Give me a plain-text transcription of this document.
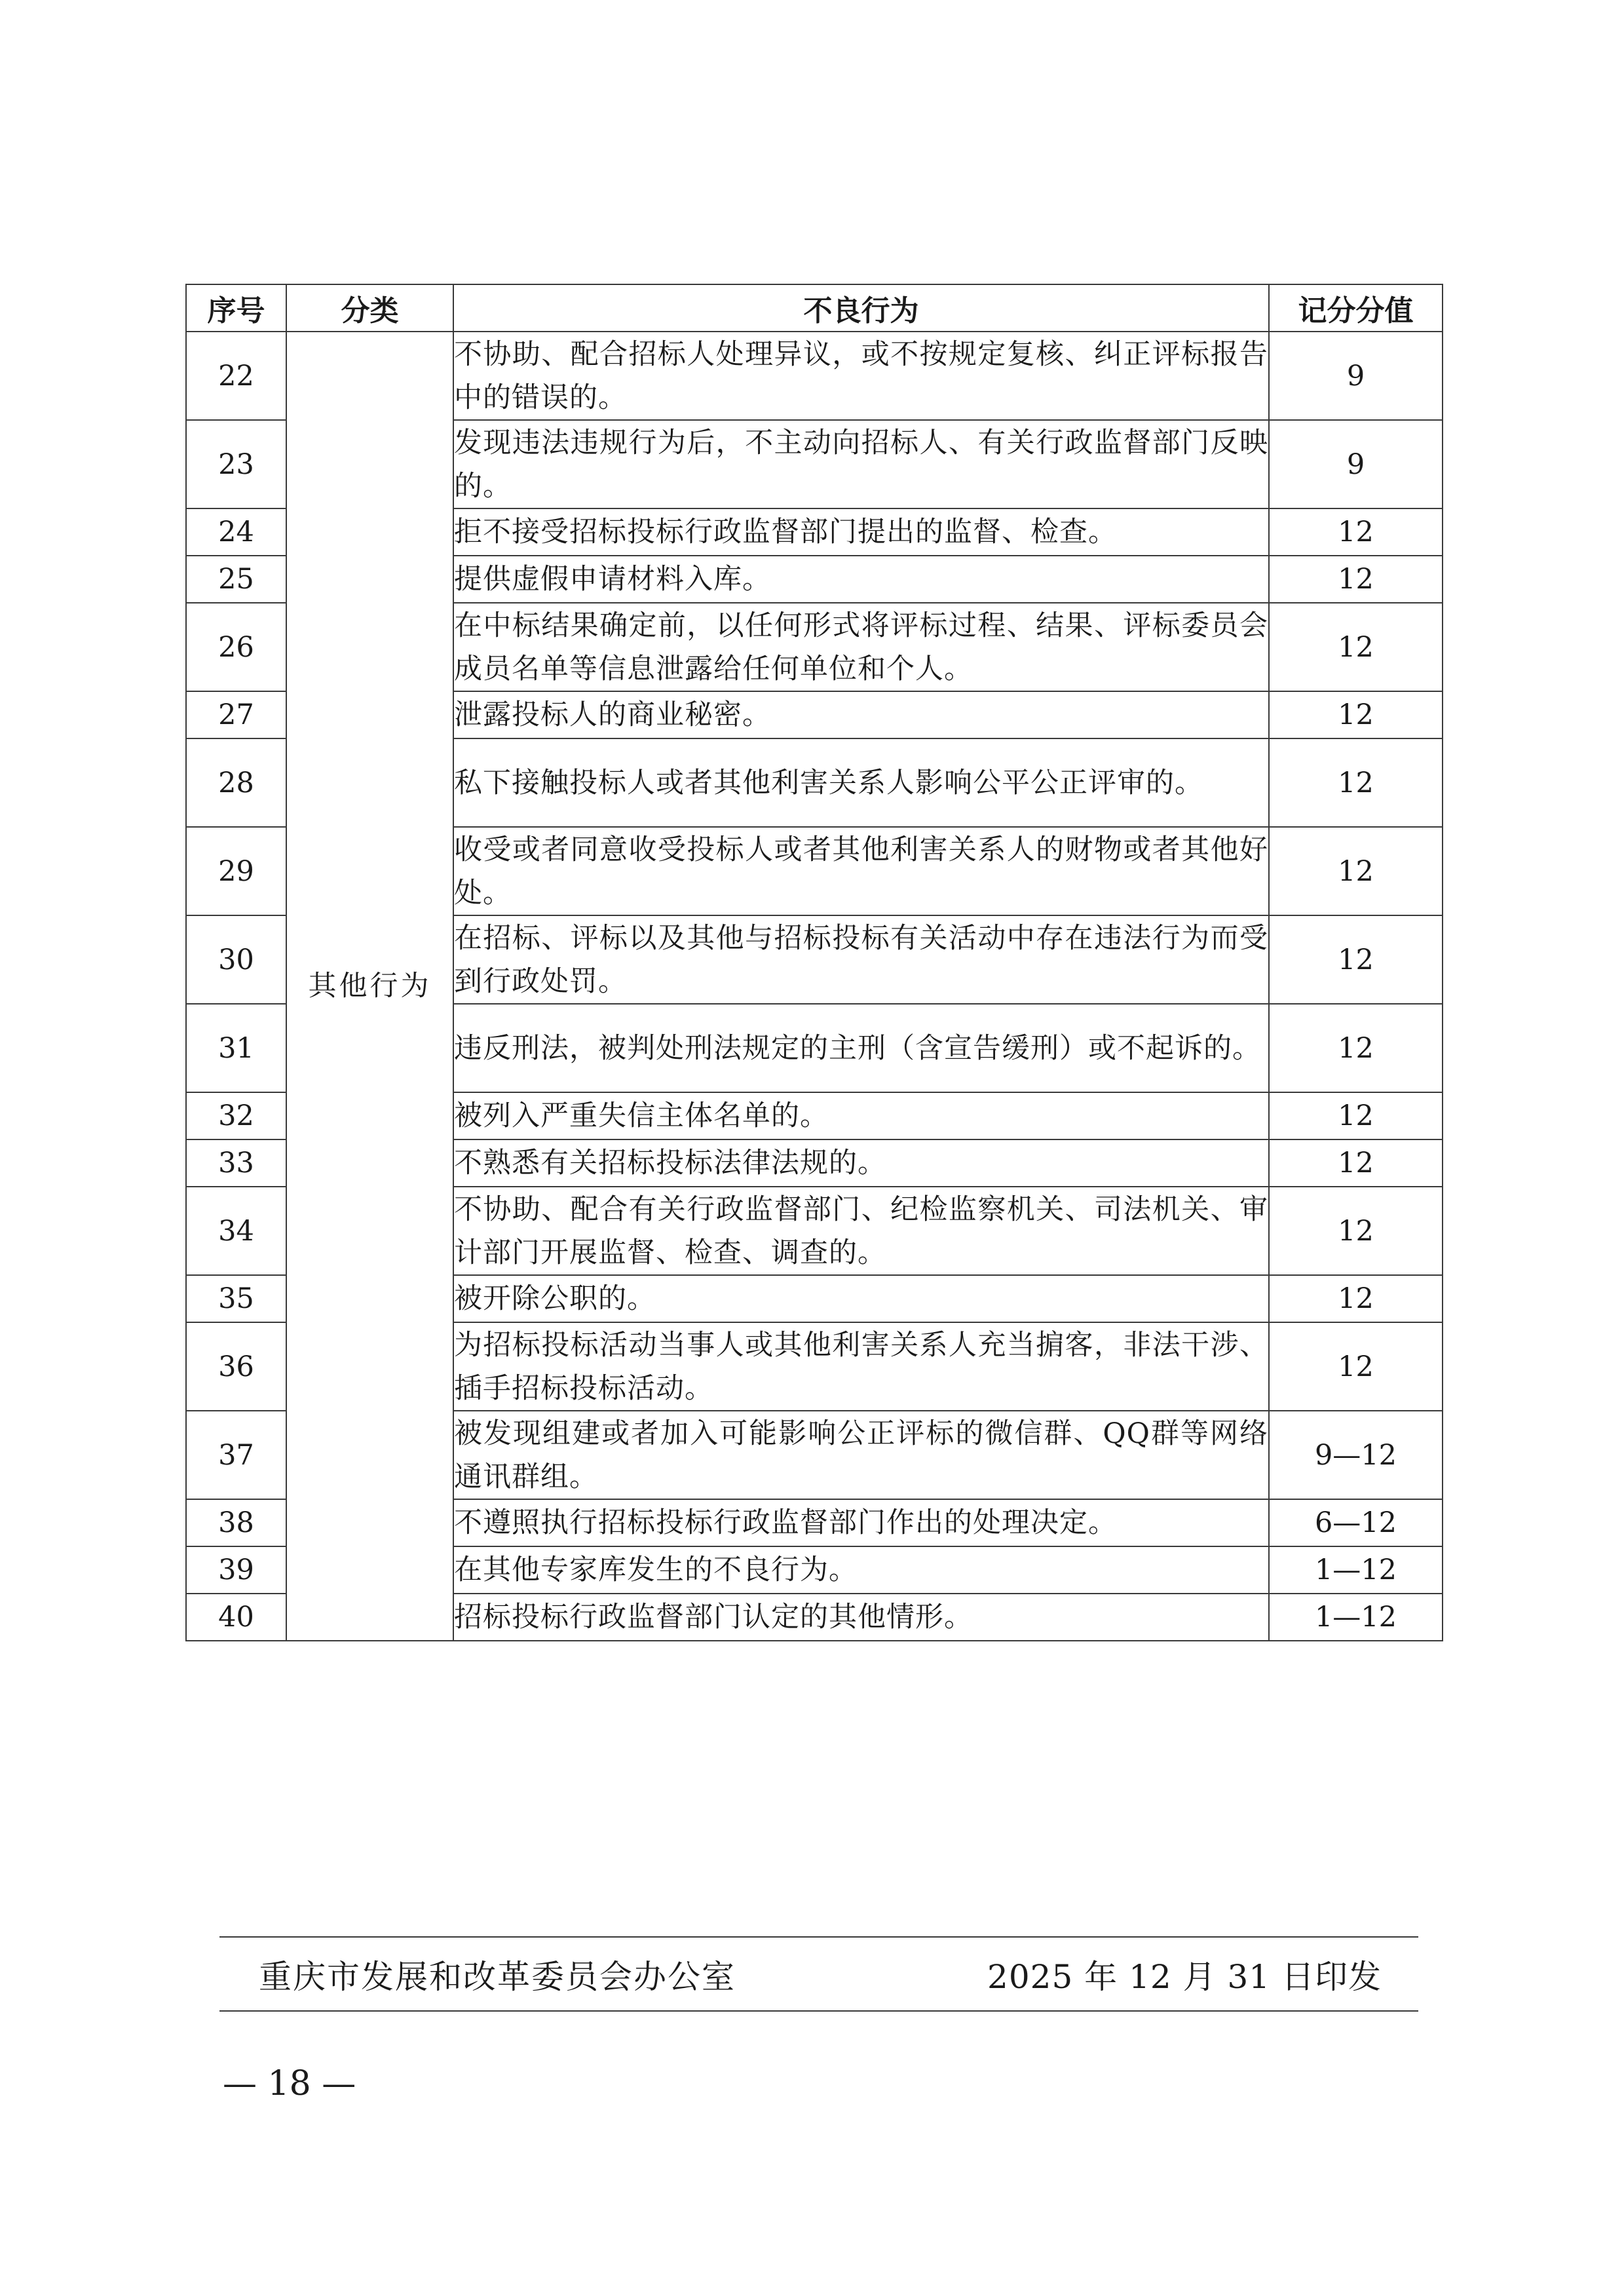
序号	分类	不良行为	记分分值
22	其他行为	不协助、配合招标人处理异议，或不按规定复核、纠正评标报告中的错误的。	9
23		发现违法违规行为后，不主动向招标人、有关行政监督部门反映的。	9
24		拒不接受招标投标行政监督部门提出的监督、检查。	12
25		提供虚假申请材料入库。	12
26		在中标结果确定前，以任何形式将评标过程、结果、评标委员会成员名单等信息泄露给任何单位和个人。	12
27		泄露投标人的商业秘密。	12
28		私下接触投标人或者其他利害关系人影响公平公正评审的。	12
29		收受或者同意收受投标人或者其他利害关系人的财物或者其他好处。	12
30		在招标、评标以及其他与招标投标有关活动中存在违法行为而受到行政处罚。	12
31		违反刑法，被判处刑法规定的主刑（含宣告缓刑）或不起诉的。	12
32		被列入严重失信主体名单的。	12
33		不熟悉有关招标投标法律法规的。	12
34		不协助、配合有关行政监督部门、纪检监察机关、司法机关、审计部门开展监督、检查、调查的。	12
35		被开除公职的。	12
36		为招标投标活动当事人或其他利害关系人充当掮客，非法干涉、插手招标投标活动。	12
37		被发现组建或者加入可能影响公正评标的微信群、QQ群等网络通讯群组。	9—12
38		不遵照执行招标投标行政监督部门作出的处理决定。	6—12
39		在其他专家库发生的不良行为。	1—12
40		招标投标行政监督部门认定的其他情形。	1—12
重庆市发展和改革委员会办公室	2025 年 12 月 31 日印发
— 18 —
